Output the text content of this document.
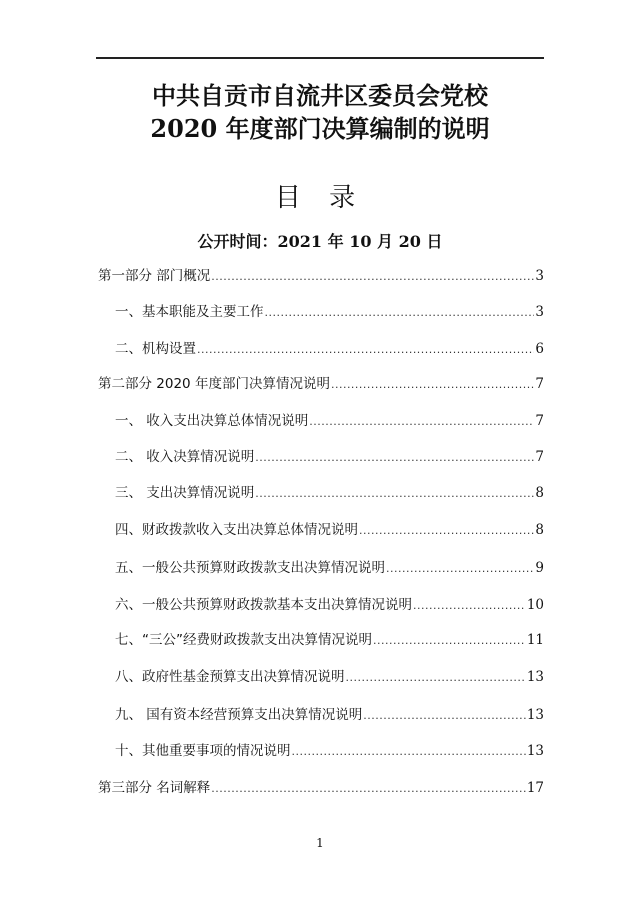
中共自贡市自流井区委员会党校
2020 年度部门决算编制的说明
目 录
公开时间：2021 年 10 月 20 日
第一部分 部门概况 .....	3
一、基本职能及主要工作 .....	3
二、机构设置 .....	6
第二部分 2020 年度部门决算情况说明 .....	7
一、 收入支出决算总体情况说明 .....	7
二、 收入决算情况说明 .....	7
三、 支出决算情况说明 .....	8
四、财政拨款收入支出决算总体情况说明 .....	8
五、一般公共预算财政拨款支出决算情况说明 .....	9
六、一般公共预算财政拨款基本支出决算情况说明 .....	10
七、“三公”经费财政拨款支出决算情况说明 .....	11
八、政府性基金预算支出决算情况说明 .....	13
九、 国有资本经营预算支出决算情况说明 .....	13
十、其他重要事项的情况说明 .....	13
第三部分 名词解释 .....	17
1
